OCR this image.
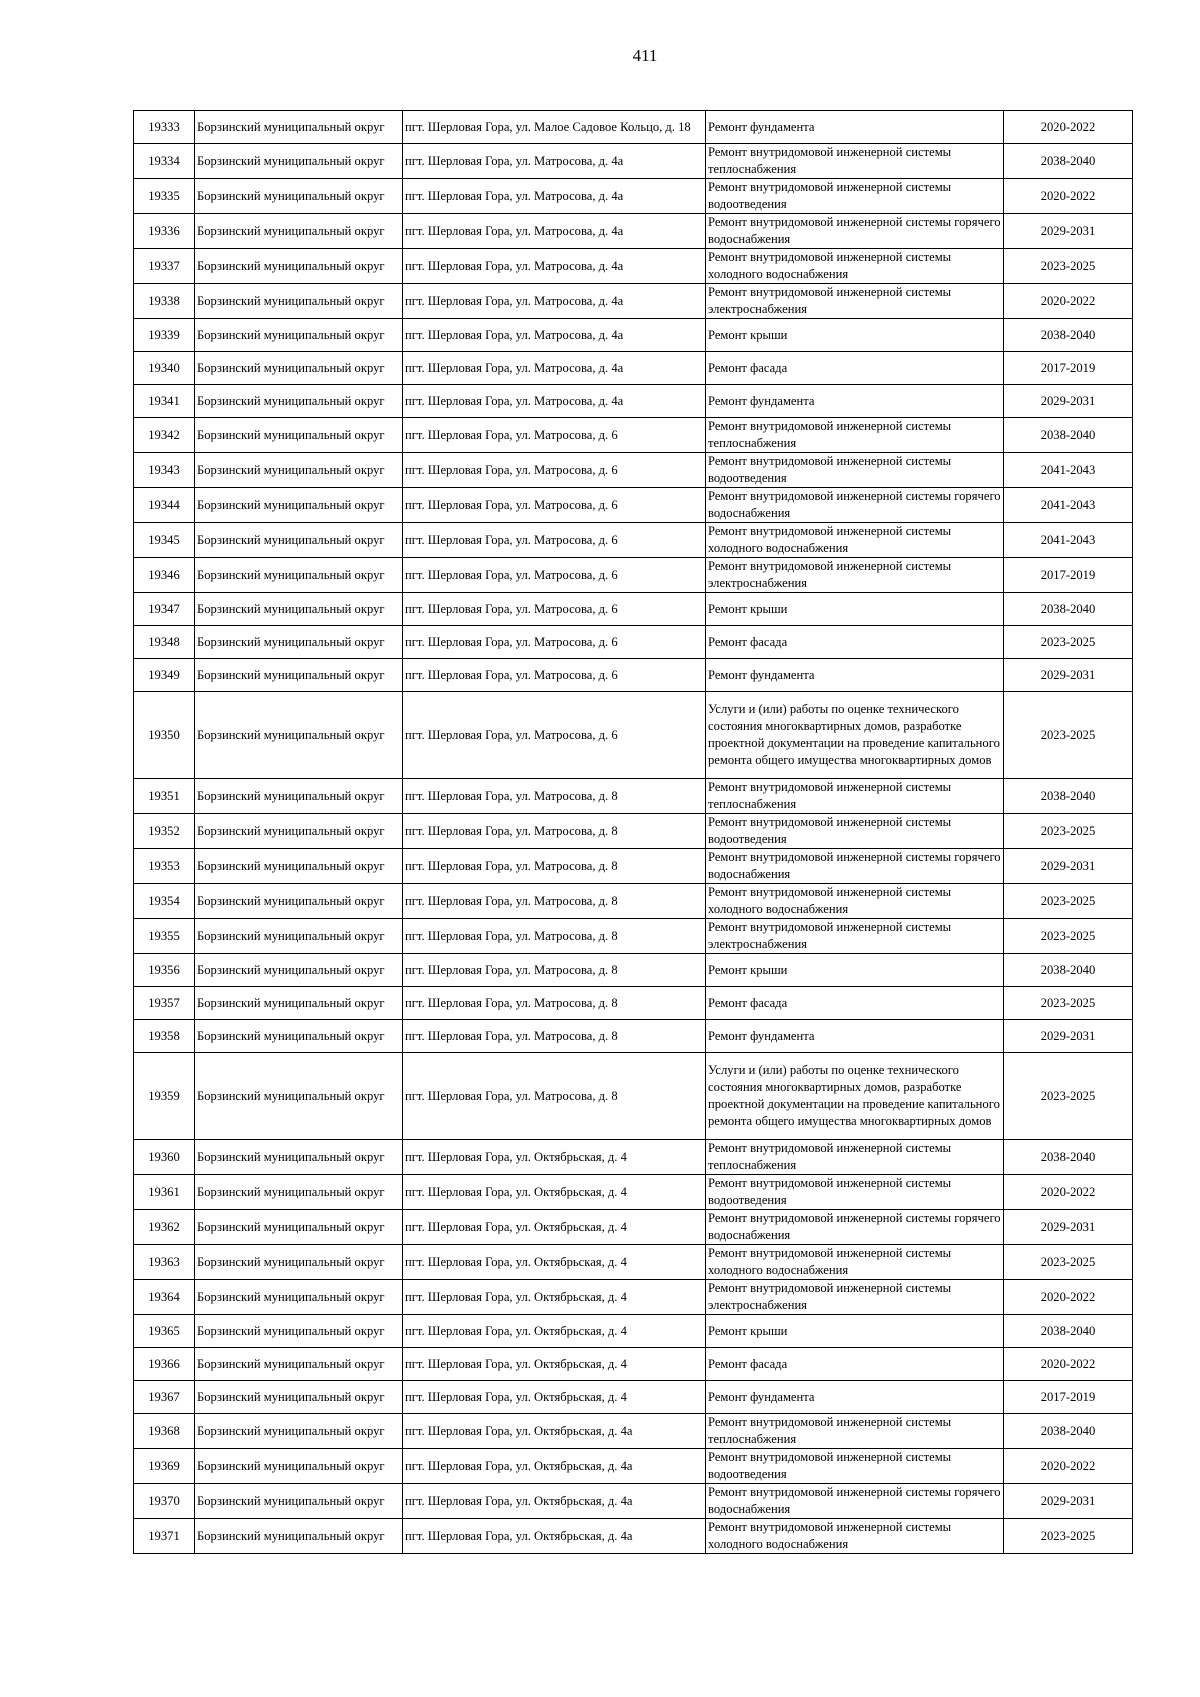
411
19333	Борзинский муниципальный округ	пгт. Шерловая Гора, ул. Малое Садовое Кольцо, д. 18	Ремонт фундамента	2020-2022
19334	Борзинский муниципальный округ	пгт. Шерловая Гора, ул. Матросова, д. 4а	Ремонт внутридомовой инженерной системы теплоснабжения	2038-2040
19335	Борзинский муниципальный округ	пгт. Шерловая Гора, ул. Матросова, д. 4а	Ремонт внутридомовой инженерной системы водоотведения	2020-2022
19336	Борзинский муниципальный округ	пгт. Шерловая Гора, ул. Матросова, д. 4а	Ремонт внутридомовой инженерной системы горячего водоснабжения	2029-2031
19337	Борзинский муниципальный округ	пгт. Шерловая Гора, ул. Матросова, д. 4а	Ремонт внутридомовой инженерной системы холодного водоснабжения	2023-2025
19338	Борзинский муниципальный округ	пгт. Шерловая Гора, ул. Матросова, д. 4а	Ремонт внутридомовой инженерной системы электроснабжения	2020-2022
19339	Борзинский муниципальный округ	пгт. Шерловая Гора, ул. Матросова, д. 4а	Ремонт крыши	2038-2040
19340	Борзинский муниципальный округ	пгт. Шерловая Гора, ул. Матросова, д. 4а	Ремонт фасада	2017-2019
19341	Борзинский муниципальный округ	пгт. Шерловая Гора, ул. Матросова, д. 4а	Ремонт фундамента	2029-2031
19342	Борзинский муниципальный округ	пгт. Шерловая Гора, ул. Матросова, д. 6	Ремонт внутридомовой инженерной системы теплоснабжения	2038-2040
19343	Борзинский муниципальный округ	пгт. Шерловая Гора, ул. Матросова, д. 6	Ремонт внутридомовой инженерной системы водоотведения	2041-2043
19344	Борзинский муниципальный округ	пгт. Шерловая Гора, ул. Матросова, д. 6	Ремонт внутридомовой инженерной системы горячего водоснабжения	2041-2043
19345	Борзинский муниципальный округ	пгт. Шерловая Гора, ул. Матросова, д. 6	Ремонт внутридомовой инженерной системы холодного водоснабжения	2041-2043
19346	Борзинский муниципальный округ	пгт. Шерловая Гора, ул. Матросова, д. 6	Ремонт внутридомовой инженерной системы электроснабжения	2017-2019
19347	Борзинский муниципальный округ	пгт. Шерловая Гора, ул. Матросова, д. 6	Ремонт крыши	2038-2040
19348	Борзинский муниципальный округ	пгт. Шерловая Гора, ул. Матросова, д. 6	Ремонт фасада	2023-2025
19349	Борзинский муниципальный округ	пгт. Шерловая Гора, ул. Матросова, д. 6	Ремонт фундамента	2029-2031
19350	Борзинский муниципальный округ	пгт. Шерловая Гора, ул. Матросова, д. 6	Услуги и (или) работы по оценке технического состояния многоквартирных домов, разработке проектной документации на проведение капитального ремонта общего имущества многоквартирных домов	2023-2025
19351	Борзинский муниципальный округ	пгт. Шерловая Гора, ул. Матросова, д. 8	Ремонт внутридомовой инженерной системы теплоснабжения	2038-2040
19352	Борзинский муниципальный округ	пгт. Шерловая Гора, ул. Матросова, д. 8	Ремонт внутридомовой инженерной системы водоотведения	2023-2025
19353	Борзинский муниципальный округ	пгт. Шерловая Гора, ул. Матросова, д. 8	Ремонт внутридомовой инженерной системы горячего водоснабжения	2029-2031
19354	Борзинский муниципальный округ	пгт. Шерловая Гора, ул. Матросова, д. 8	Ремонт внутридомовой инженерной системы холодного водоснабжения	2023-2025
19355	Борзинский муниципальный округ	пгт. Шерловая Гора, ул. Матросова, д. 8	Ремонт внутридомовой инженерной системы электроснабжения	2023-2025
19356	Борзинский муниципальный округ	пгт. Шерловая Гора, ул. Матросова, д. 8	Ремонт крыши	2038-2040
19357	Борзинский муниципальный округ	пгт. Шерловая Гора, ул. Матросова, д. 8	Ремонт фасада	2023-2025
19358	Борзинский муниципальный округ	пгт. Шерловая Гора, ул. Матросова, д. 8	Ремонт фундамента	2029-2031
19359	Борзинский муниципальный округ	пгт. Шерловая Гора, ул. Матросова, д. 8	Услуги и (или) работы по оценке технического состояния многоквартирных домов, разработке проектной документации на проведение капитального ремонта общего имущества многоквартирных домов	2023-2025
19360	Борзинский муниципальный округ	пгт. Шерловая Гора, ул. Октябрьская, д. 4	Ремонт внутридомовой инженерной системы теплоснабжения	2038-2040
19361	Борзинский муниципальный округ	пгт. Шерловая Гора, ул. Октябрьская, д. 4	Ремонт внутридомовой инженерной системы водоотведения	2020-2022
19362	Борзинский муниципальный округ	пгт. Шерловая Гора, ул. Октябрьская, д. 4	Ремонт внутридомовой инженерной системы горячего водоснабжения	2029-2031
19363	Борзинский муниципальный округ	пгт. Шерловая Гора, ул. Октябрьская, д. 4	Ремонт внутридомовой инженерной системы холодного водоснабжения	2023-2025
19364	Борзинский муниципальный округ	пгт. Шерловая Гора, ул. Октябрьская, д. 4	Ремонт внутридомовой инженерной системы электроснабжения	2020-2022
19365	Борзинский муниципальный округ	пгт. Шерловая Гора, ул. Октябрьская, д. 4	Ремонт крыши	2038-2040
19366	Борзинский муниципальный округ	пгт. Шерловая Гора, ул. Октябрьская, д. 4	Ремонт фасада	2020-2022
19367	Борзинский муниципальный округ	пгт. Шерловая Гора, ул. Октябрьская, д. 4	Ремонт фундамента	2017-2019
19368	Борзинский муниципальный округ	пгт. Шерловая Гора, ул. Октябрьская, д. 4а	Ремонт внутридомовой инженерной системы теплоснабжения	2038-2040
19369	Борзинский муниципальный округ	пгт. Шерловая Гора, ул. Октябрьская, д. 4а	Ремонт внутридомовой инженерной системы водоотведения	2020-2022
19370	Борзинский муниципальный округ	пгт. Шерловая Гора, ул. Октябрьская, д. 4а	Ремонт внутридомовой инженерной системы горячего водоснабжения	2029-2031
19371	Борзинский муниципальный округ	пгт. Шерловая Гора, ул. Октябрьская, д. 4а	Ремонт внутридомовой инженерной системы холодного водоснабжения	2023-2025
